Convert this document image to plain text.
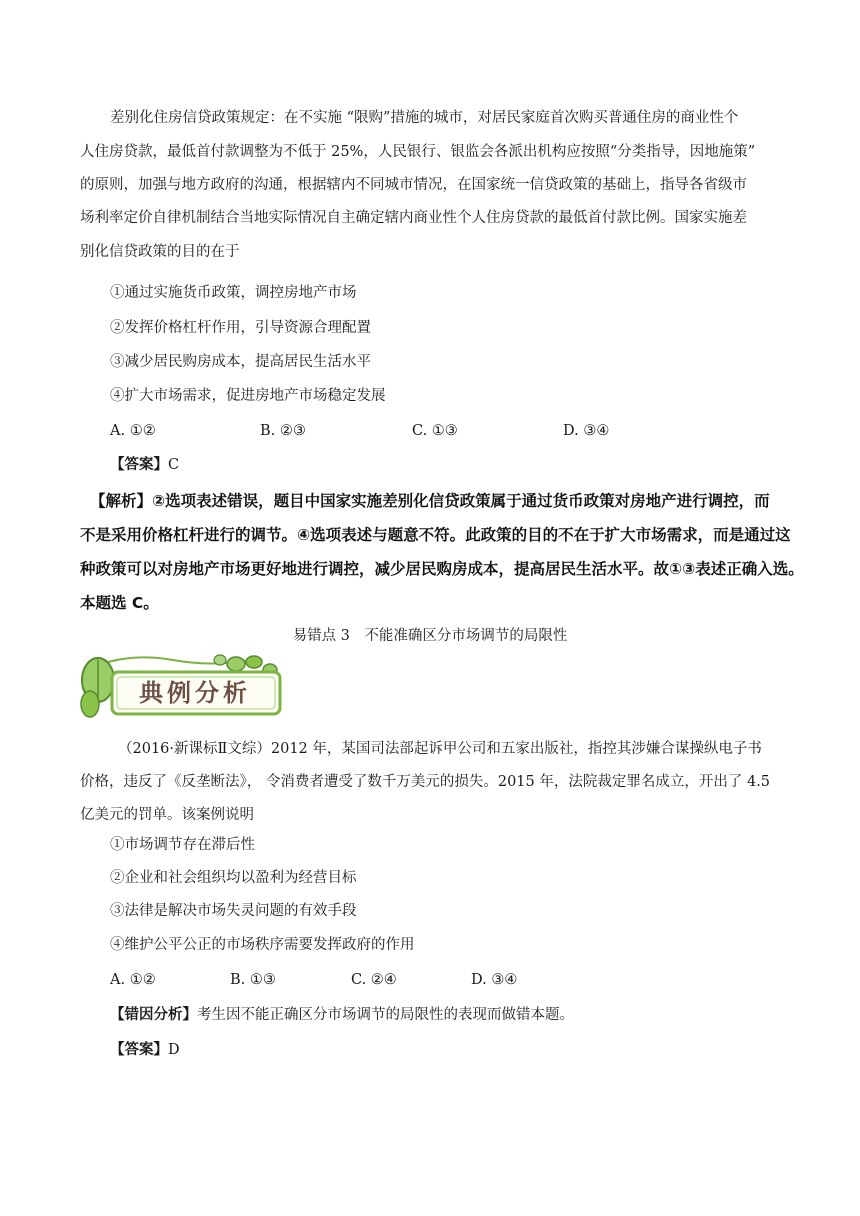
差别化住房信贷政策规定：在不实施 “限购”措施的城市，对居民家庭首次购买普通住房的商业性个
人住房贷款，最低首付款调整为不低于 25%，人民银行、银监会各派出机构应按照“分类指导，因地施策”
的原则，加强与地方政府的沟通，根据辖内不同城市情况，在国家统一信贷政策的基础上，指导各省级市
场利率定价自律机制结合当地实际情况自主确定辖内商业性个人住房贷款的最低首付款比例。国家实施差
别化信贷政策的目的在于
①通过实施货币政策，调控房地产市场
②发挥价格杠杆作用，引导资源合理配置
③减少居民购房成本，提高居民生活水平
④扩大市场需求，促进房地产市场稳定发展
A. ①②	B. ②③	C. ①③	D. ③④
【答案】C
【解析】②选项表述错误，题目中国家实施差别化信贷政策属于通过货币政策对房地产进行调控，而
不是采用价格杠杆进行的调节。④选项表述与题意不符。此政策的目的不在于扩大市场需求，而是通过这
种政策可以对房地产市场更好地进行调控，减少居民购房成本，提高居民生活水平。故①③表述正确入选。
本题选 C。
易错点 3　不能准确区分市场调节的局限性
典例分析
（2016·新课标Ⅱ文综）2012 年，某国司法部起诉甲公司和五家出版社，指控其涉嫌合谋操纵电子书
价格，违反了《反垄断法》， 令消费者遭受了数千万美元的损失。2015 年，法院裁定罪名成立，开出了 4.5
亿美元的罚单。该案例说明
①市场调节存在滞后性
②企业和社会组织均以盈利为经营目标
③法律是解决市场失灵问题的有效手段
④维护公平公正的市场秩序需要发挥政府的作用
A. ①②	B. ①③	C. ②④	D. ③④
【错因分析】考生因不能正确区分市场调节的局限性的表现而做错本题。
【答案】D
